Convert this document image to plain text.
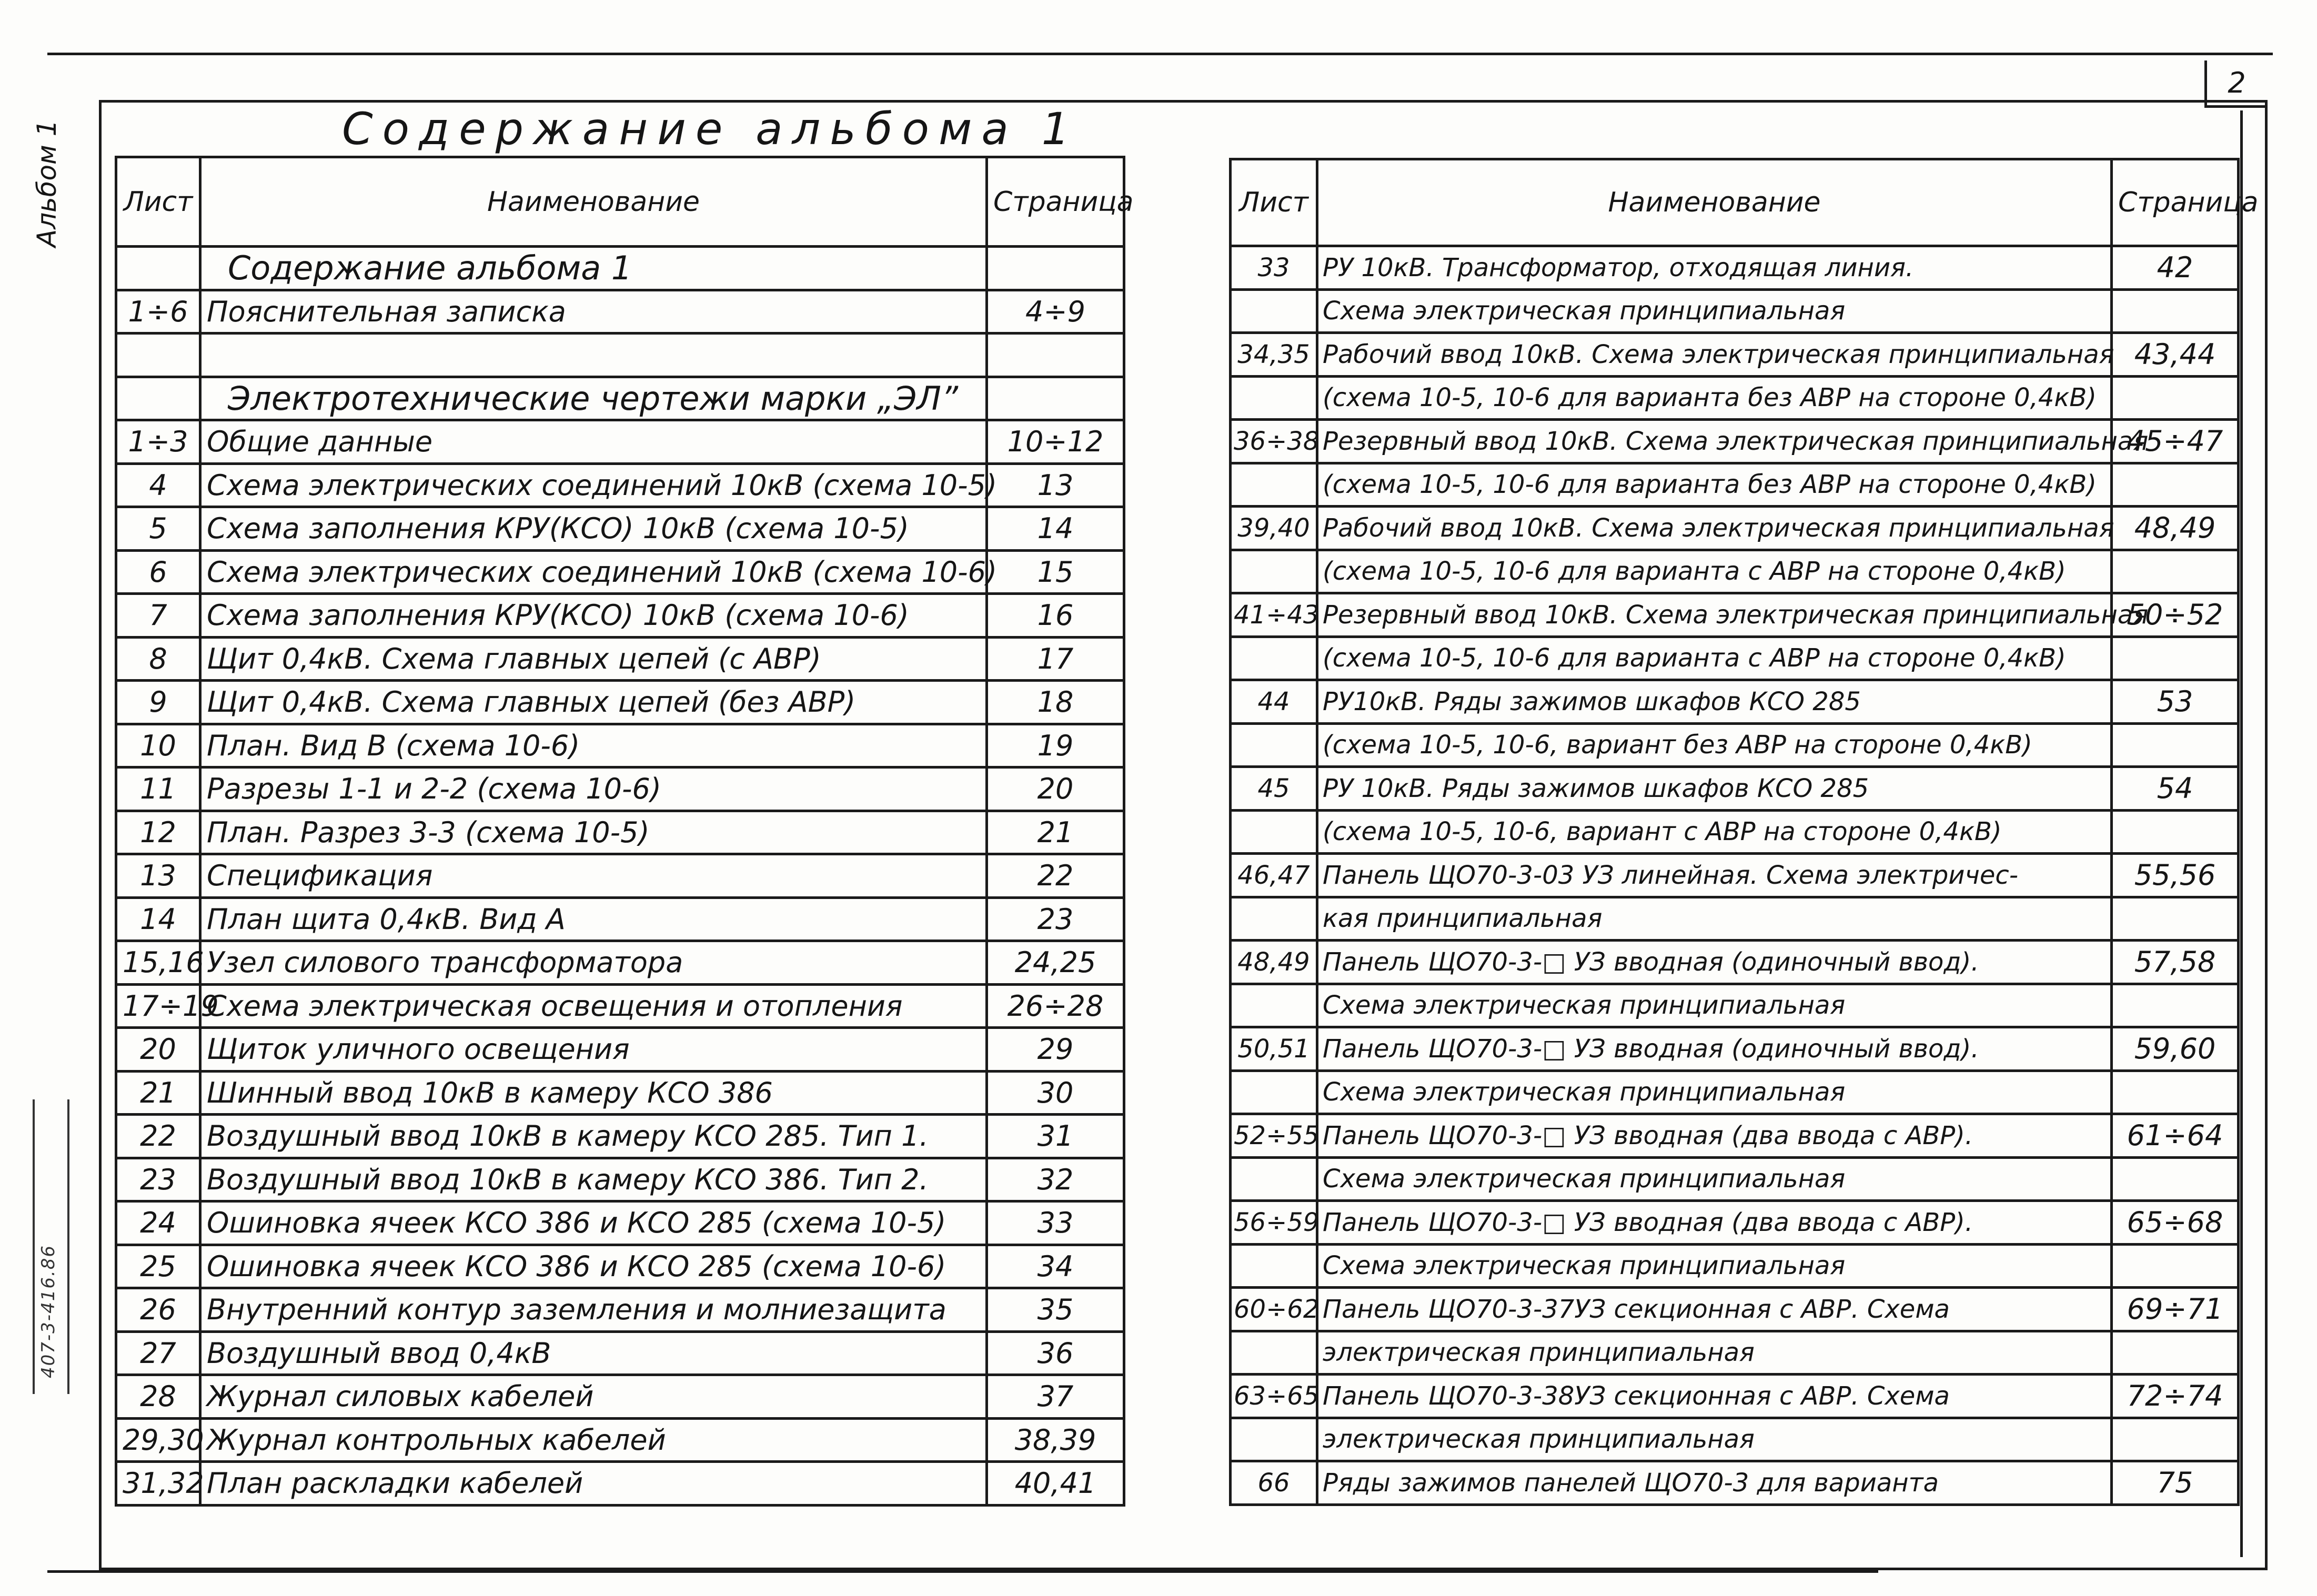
2
Альбом 1
407-3-416.86
Содержание альбома 1
Лист	Наименование	Страница
	Содержание альбома 1	
1÷6	Пояснительная записка	4÷9

	Электротехнические чертежи марки „ЭЛ”	
1÷3	Общие данные	10÷12
4	Схема электрических соединений 10кВ (схема 10-5)	13
5	Схема заполнения КРУ(КСО) 10кВ (схема 10-5)	14
6	Схема электрических соединений 10кВ (схема 10-6)	15
7	Схема заполнения КРУ(КСО) 10кВ (схема 10-6)	16
8	Щит 0,4кВ. Схема главных цепей (с АВР)	17
9	Щит 0,4кВ. Схема главных цепей (без АВР)	18
10	План. Вид В (схема 10-6)	19
11	Разрезы 1-1 и 2-2 (схема 10-6)	20
12	План. Разрез 3-3 (схема 10-5)	21
13	Спецификация	22
14	План щита 0,4кВ. Вид А	23
15,16	Узел силового трансформатора	24,25
17÷19	Схема электрическая освещения и отопления	26÷28
20	Щиток уличного освещения	29
21	Шинный ввод 10кВ в камеру КСО 386	30
22	Воздушный ввод 10кВ в камеру КСО 285. Тип 1.	31
23	Воздушный ввод 10кВ в камеру КСО 386. Тип 2.	32
24	Ошиновка ячеек КСО 386 и КСО 285 (схема 10-5)	33
25	Ошиновка ячеек КСО 386 и КСО 285 (схема 10-6)	34
26	Внутренний контур заземления и молниезащита	35
27	Воздушный ввод 0,4кВ	36
28	Журнал силовых кабелей	37
29,30	Журнал контрольных кабелей	38,39
31,32	План раскладки кабелей	40,41
Лист	Наименование	Страница
33	РУ 10кВ. Трансформатор, отходящая линия.	42
	Схема электрическая принципиальная	
34,35	Рабочий ввод 10кВ. Схема электрическая принципиальная	43,44
	(схема 10-5, 10-6 для варианта без АВР на стороне 0,4кВ)	
36÷38	Резервный ввод 10кВ. Схема электрическая принципиальная	45÷47
	(схема 10-5, 10-6 для варианта без АВР на стороне 0,4кВ)	
39,40	Рабочий ввод 10кВ. Схема электрическая принципиальная	48,49
	(схема 10-5, 10-6 для варианта с АВР на стороне 0,4кВ)	
41÷43	Резервный ввод 10кВ. Схема электрическая принципиальная	50÷52
	(схема 10-5, 10-6 для варианта с АВР на стороне 0,4кВ)	
44	РУ10кВ. Ряды зажимов шкафов КСО 285	53
	(схема 10-5, 10-6, вариант без АВР на стороне 0,4кВ)	
45	РУ 10кВ. Ряды зажимов шкафов КСО 285	54
	(схема 10-5, 10-6, вариант с АВР на стороне 0,4кВ)	
46,47	Панель ЩО70-3-03 УЗ линейная. Схема электричес-	55,56
	кая принципиальная	
48,49	Панель ЩО70-3-□ УЗ вводная (одиночный ввод).	57,58
	Схема электрическая принципиальная	
50,51	Панель ЩО70-3-□ УЗ вводная (одиночный ввод).	59,60
	Схема электрическая принципиальная	
52÷55	Панель ЩО70-3-□ УЗ вводная (два ввода с АВР).	61÷64
	Схема электрическая принципиальная	
56÷59	Панель ЩО70-3-□ УЗ вводная (два ввода с АВР).	65÷68
	Схема электрическая принципиальная	
60÷62	Панель ЩО70-3-37УЗ секционная с АВР. Схема	69÷71
	электрическая принципиальная	
63÷65	Панель ЩО70-3-38УЗ секционная с АВР. Схема	72÷74
	электрическая принципиальная	
66	Ряды зажимов панелей ЩО70-3 для варианта	75
